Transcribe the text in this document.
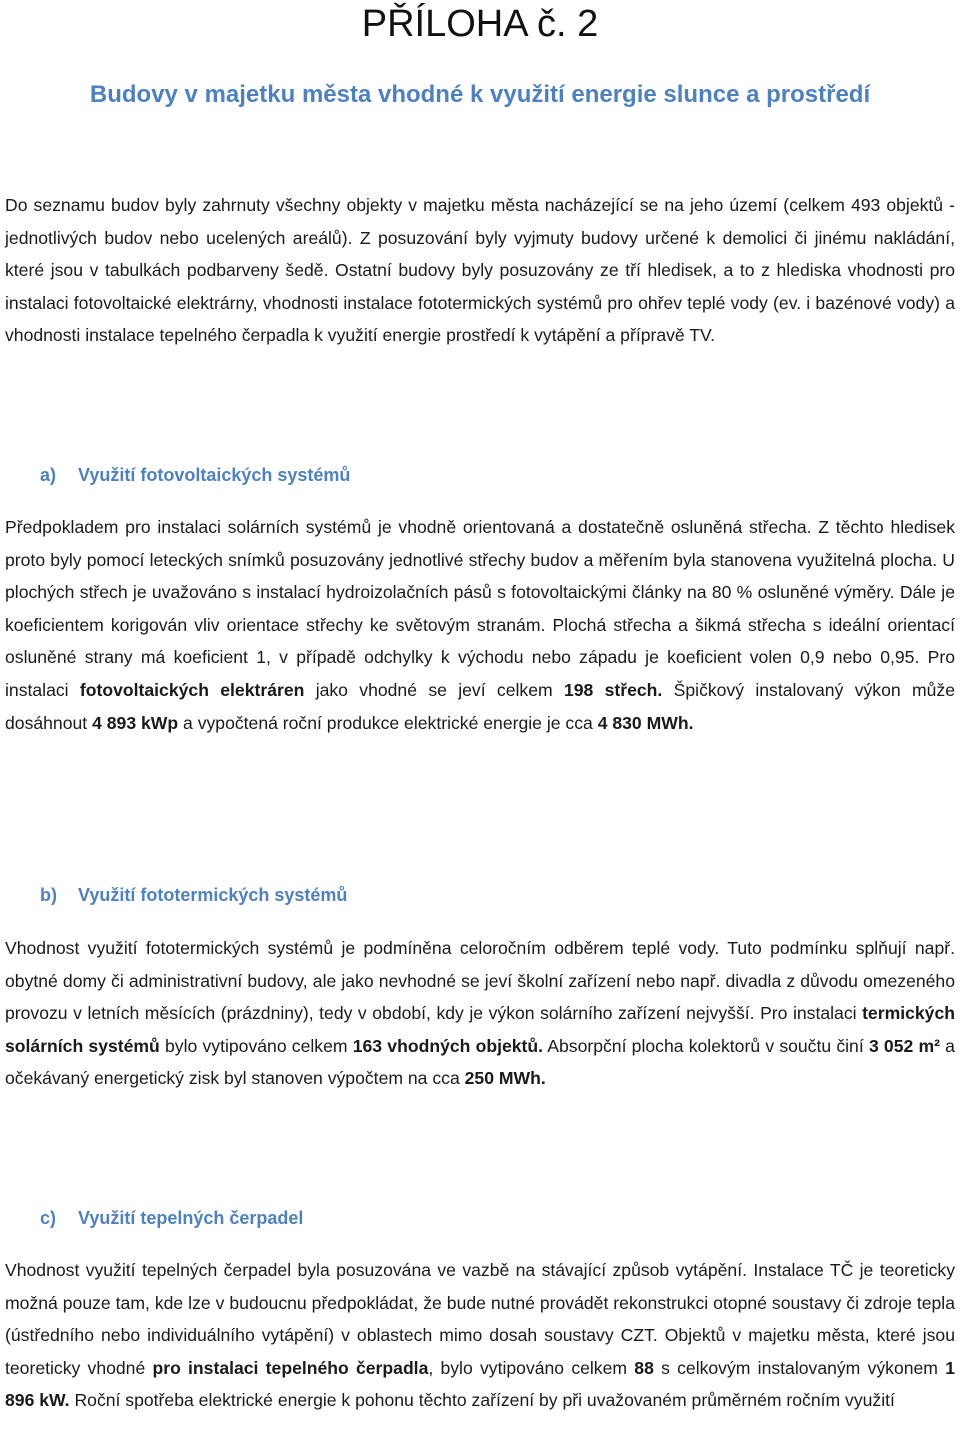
PŘÍLOHA č. 2
Budovy v majetku města vhodné k využití energie slunce a prostředí

Do seznamu budov byly zahrnuty všechny objekty v majetku města nacházející se na jeho území (celkem 493 objektů - jednotlivých budov nebo ucelených areálů). Z posuzování byly vyjmuty budovy určené k demolici či jinému nakládání, které jsou v tabulkách podbarveny šedě. Ostatní budovy byly posuzovány ze tří hledisek, a to z hlediska vhodnosti pro instalaci fotovoltaické elektrárny, vhodnosti instalace fototermických systémů pro ohřev teplé vody (ev. i bazénové vody) a vhodnosti instalace tepelného čerpadla k využití energie prostředí k vytápění a přípravě TV.

a) Využití fotovoltaických systémů

Předpokladem pro instalaci solárních systémů je vhodně orientovaná a dostatečně osluněná střecha. Z těchto hledisek proto byly pomocí leteckých snímků posuzovány jednotlivé střechy budov a měřením byla stanovena využitelná plocha. U plochých střech je uvažováno s instalací hydroizolačních pásů s fotovoltaickými články na 80 % osluněné výměry. Dále je koeficientem korigován vliv orientace střechy ke světovým stranám. Plochá střecha a šikmá střecha s ideální orientací osluněné strany má koeficient 1, v případě odchylky k východu nebo západu je koeficient volen 0,9 nebo 0,95. Pro instalaci fotovoltaických elektráren jako vhodné se jeví celkem 198 střech. Špičkový instalovaný výkon může dosáhnout 4 893 kWp a vypočtená roční produkce elektrické energie je cca 4 830 MWh.

b) Využití fototermických systémů

Vhodnost využití fototermických systémů je podmíněna celoročním odběrem teplé vody. Tuto podmínku splňují např. obytné domy či administrativní budovy, ale jako nevhodné se jeví školní zařízení nebo např. divadla z důvodu omezeného provozu v letních měsících (prázdniny), tedy v období, kdy je výkon solárního zařízení nejvyšší. Pro instalaci termických solárních systémů bylo vytipováno celkem 163 vhodných objektů. Absorpční plocha kolektorů v součtu činí 3 052 m² a očekávaný energetický zisk byl stanoven výpočtem na cca 250 MWh.

c) Využití tepelných čerpadel

Vhodnost využití tepelných čerpadel byla posuzována ve vazbě na stávající způsob vytápění. Instalace TČ je teoreticky možná pouze tam, kde lze v budoucnu předpokládat, že bude nutné provádět rekonstrukci otopné soustavy či zdroje tepla (ústředního nebo individuálního vytápění) v oblastech mimo dosah soustavy CZT. Objektů v majetku města, které jsou teoreticky vhodné pro instalaci tepelného čerpadla, bylo vytipováno celkem 88 s celkovým instalovaným výkonem 1 896 kW. Roční spotřeba elektrické energie k pohonu těchto zařízení by při uvažovaném průměrném ročním využití
